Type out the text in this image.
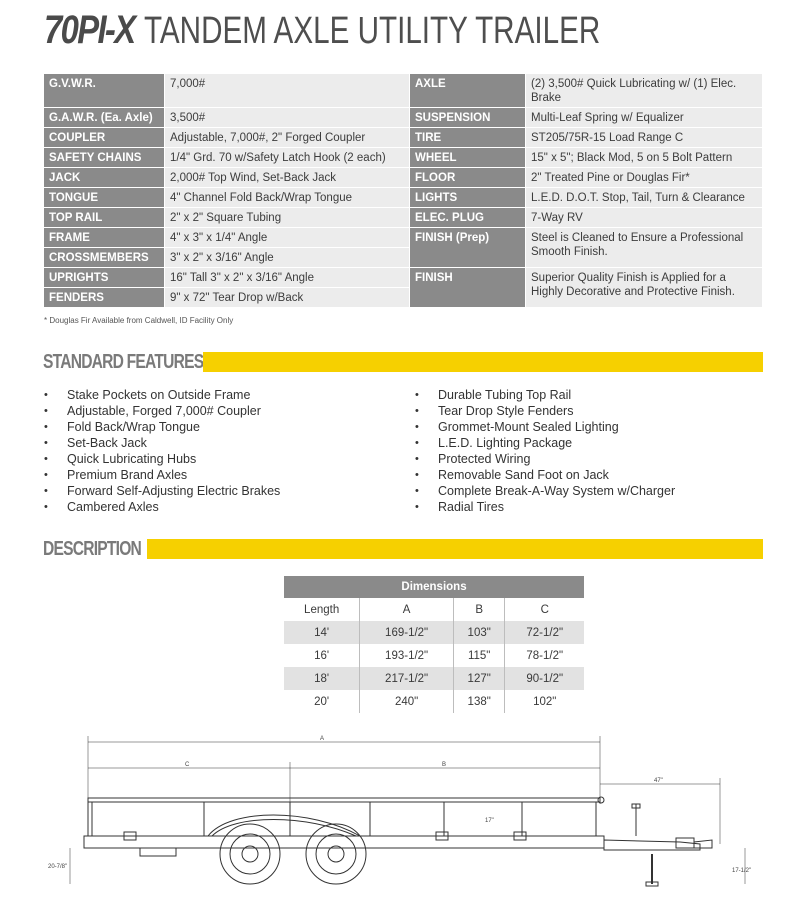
70PI-X TANDEM AXLE UTILITY TRAILER
G.V.W.R.	7,000#	AXLE	(2) 3,500# Quick Lubricating w/ (1) Elec. Brake
G.A.W.R. (Ea. Axle)	3,500#	SUSPENSION	Multi-Leaf Spring w/ Equalizer
COUPLER	Adjustable, 7,000#, 2" Forged Coupler	TIRE	ST205/75R-15 Load Range C
SAFETY CHAINS	1/4" Grd. 70 w/Safety Latch Hook (2 each)	WHEEL	15" x 5"; Black Mod, 5 on 5 Bolt Pattern
JACK	2,000# Top Wind, Set-Back Jack	FLOOR	2" Treated Pine or Douglas Fir*
TONGUE	4" Channel Fold Back/Wrap Tongue	LIGHTS	L.E.D. D.O.T. Stop, Tail, Turn & Clearance
TOP RAIL	2" x 2" Square Tubing	ELEC. PLUG	7-Way RV
FRAME	4" x 3" x 1/4" Angle	FINISH (Prep)	Steel is Cleaned to Ensure a Professional Smooth Finish.
CROSSMEMBERS	3" x 2" x 3/16" Angle		
UPRIGHTS	16" Tall 3" x 2" x 3/16" Angle	FINISH	Superior Quality Finish is Applied for a Highly Decorative and Protective Finish.
FENDERS	9" x 72" Tear Drop w/Back		
* Douglas Fir Available from Caldwell, ID Facility Only
STANDARD FEATURES
• Stake Pockets on Outside Frame
• Adjustable, Forged 7,000# Coupler
• Fold Back/Wrap Tongue
• Set-Back Jack
• Quick Lubricating Hubs
• Premium Brand Axles
• Forward Self-Adjusting Electric Brakes
• Cambered Axles
• Durable Tubing Top Rail
• Tear Drop Style Fenders
• Grommet-Mount Sealed Lighting
• L.E.D. Lighting Package
• Protected Wiring
• Removable Sand Foot on Jack
• Complete Break-A-Way System w/Charger
• Radial Tires
DESCRIPTION
Dimensions			
Length	A	B	C
14'	169-1/2"	103"	72-1/2"
16'	193-1/2"	115"	78-1/2"
18'	217-1/2"	127"	90-1/2"
20'	240"	138"	102"
A
C	B
47"
17"
20-7/8"
17-1/2"
